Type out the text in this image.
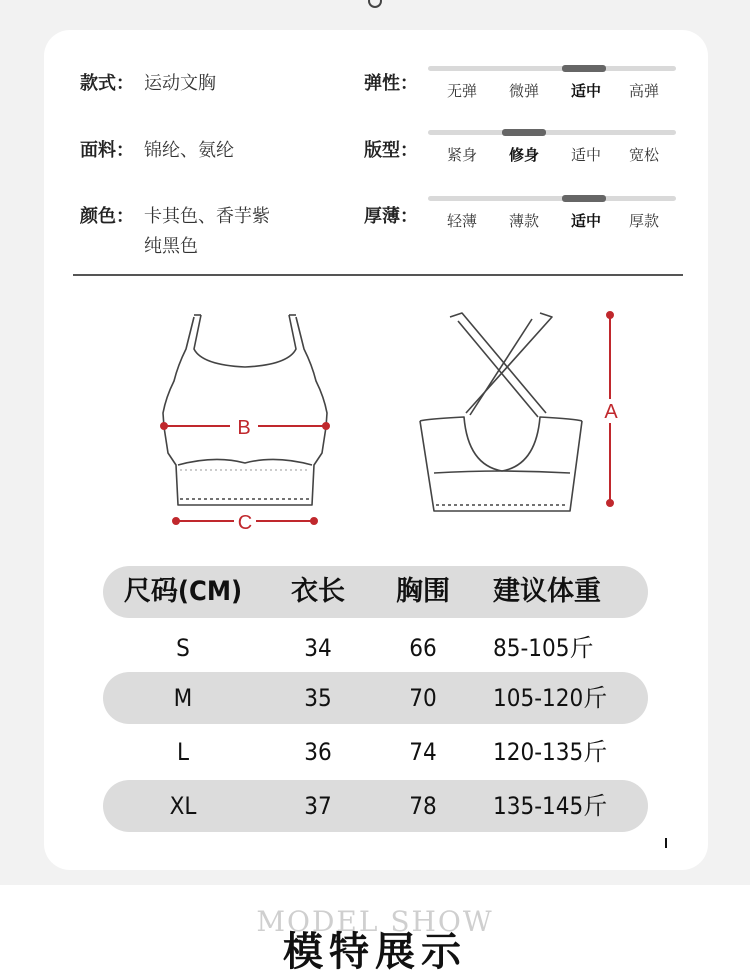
款式： 运动文胸
面料： 锦纶、氨纶
颜色： 卡其色、香芋紫
纯黑色
弹性：	无弹	微弹	适中	高弹
版型：	紧身	修身	适中	宽松
厚薄：	轻薄	薄款	适中	厚款
B
C
A
尺码(CM)	衣长	胸围	建议体重
S	34	66	85-105斤
M	35	70	105-120斤
L	36	74	120-135斤
XL	37	78	135-145斤
MODEL SHOW
模特展示
